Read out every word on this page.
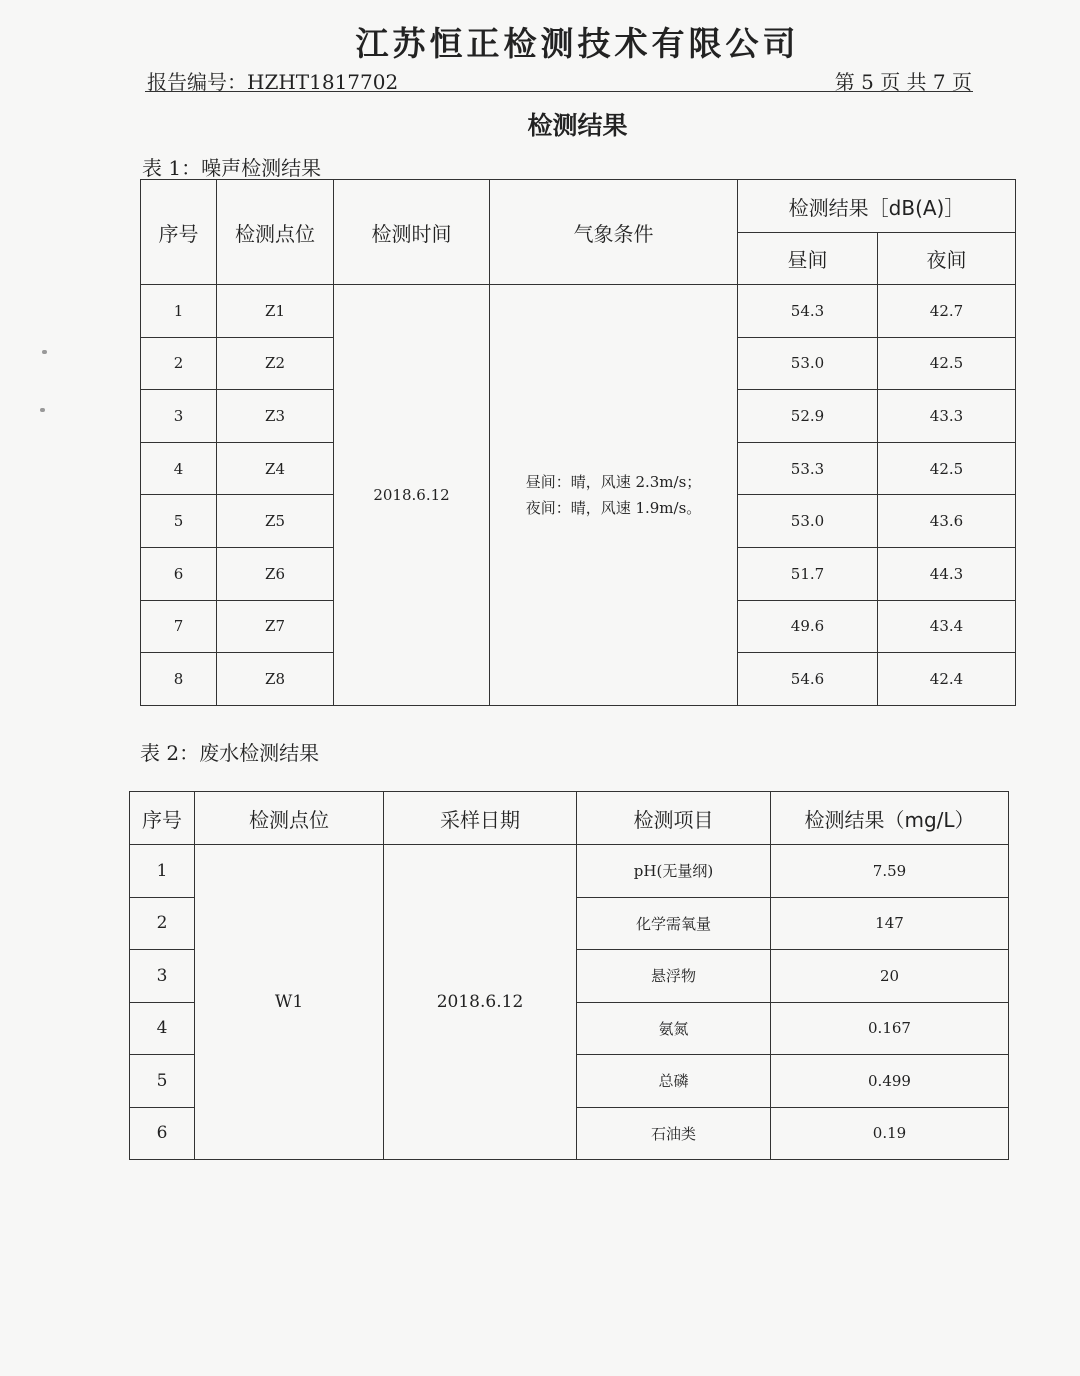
江苏恒正检测技术有限公司
报告编号：HZHT1817702	第 5 页 共 7 页
检测结果
表 1：噪声检测结果
序号	检测点位	检测时间	气象条件	检测结果［dB(A)］	
				昼间	夜间
1	Z1	2018.6.12	昼间：晴，风速 2.3m/s；
夜间：晴，风速 1.9m/s。	54.3	42.7
2	Z2			53.0	42.5
3	Z3			52.9	43.3
4	Z4			53.3	42.5
5	Z5			53.0	43.6
6	Z6			51.7	44.3
7	Z7			49.6	43.4
8	Z8			54.6	42.4
表 2：废水检测结果
序号	检测点位	采样日期	检测项目	检测结果（mg/L）
1	W1	2018.6.12	pH(无量纲)	7.59
2			化学需氧量	147
3			悬浮物	20
4			氨氮	0.167
5			总磷	0.499
6			石油类	0.19
